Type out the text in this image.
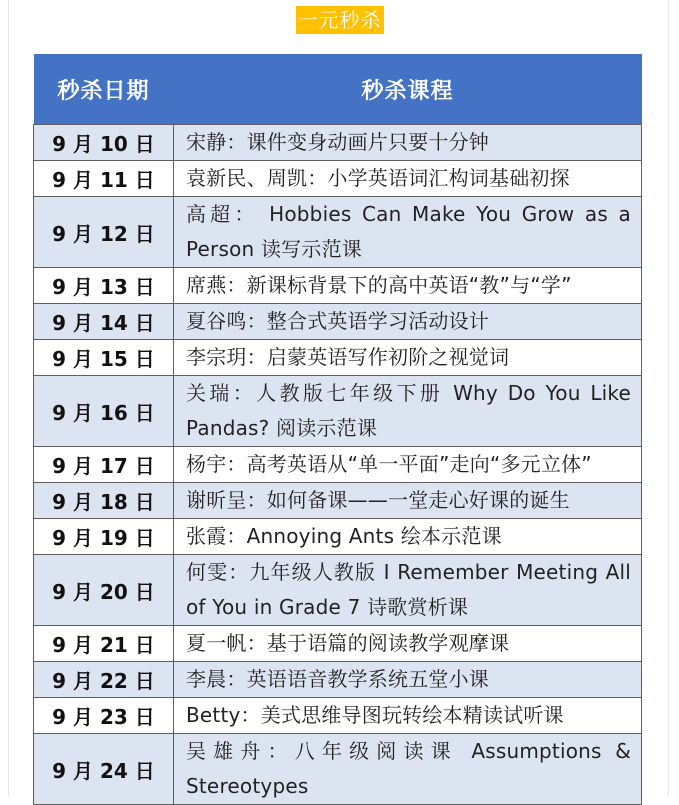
一元秒杀
秒杀日期	秒杀课程
9 月 10 日	宋静：课件变身动画片只要十分钟
9 月 11 日	袁新民、周凯：小学英语词汇构词基础初探
9 月 12 日	高超： Hobbies Can Make You Grow as a Person 读写示范课
9 月 13 日	席燕：新课标背景下的高中英语“教”与“学”
9 月 14 日	夏谷鸣：整合式英语学习活动设计
9 月 15 日	李宗玥：启蒙英语写作初阶之视觉词
9 月 16 日	关瑞：人教版七年级下册 Why Do You Like Pandas? 阅读示范课
9 月 17 日	杨宇：高考英语从“单一平面”走向“多元立体”
9 月 18 日	谢昕呈：如何备课——一堂走心好课的诞生
9 月 19 日	张霞：Annoying Ants 绘本示范课
9 月 20 日	何雯：九年级人教版 I Remember Meeting All of You in Grade 7 诗歌赏析课
9 月 21 日	夏一帆：基于语篇的阅读教学观摩课
9 月 22 日	李晨：英语语音教学系统五堂小课
9 月 23 日	Betty：美式思维导图玩转绘本精读试听课
9 月 24 日	吴雄舟：八年级阅读课 Assumptions & Stereotypes
